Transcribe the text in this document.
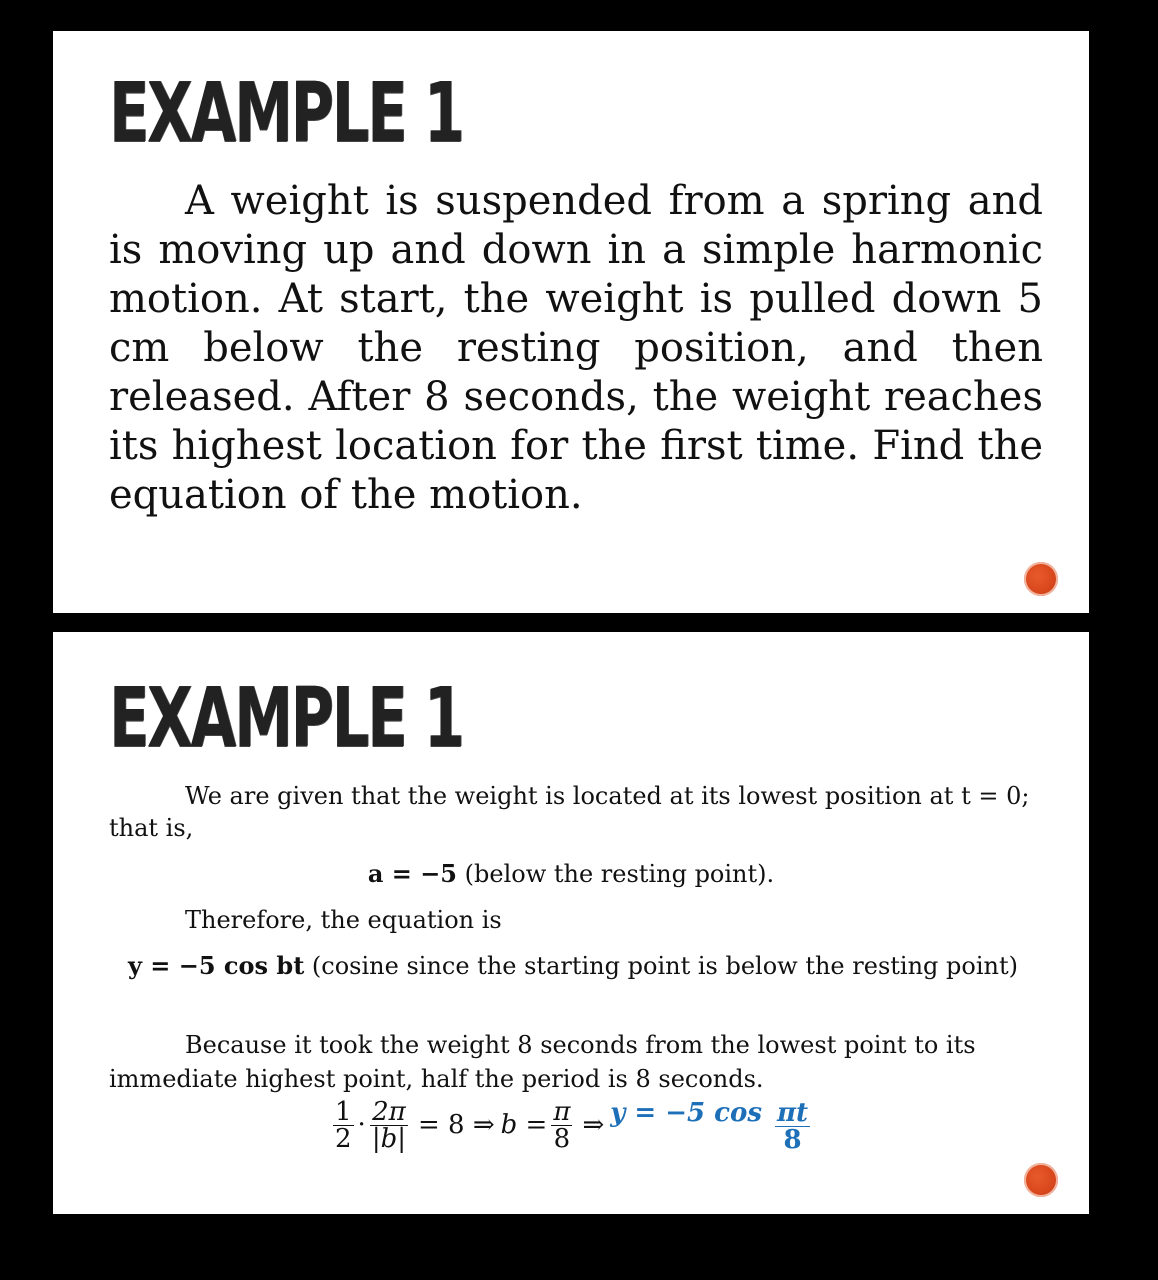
EXAMPLE 1

A weight is suspended from a spring and is moving up and down in a simple harmonic motion. At start, the weight is pulled down 5 cm below the resting position, and then released. After 8 seconds, the weight reaches its highest location for the first time. Find the equation of the motion.

EXAMPLE 1

We are given that the weight is located at its lowest position at t = 0; that is,

a = −5 (below the resting point).

Therefore, the equation is

y = −5 cos bt (cosine since the starting point is below the resting point)

Because it took the weight 8 seconds from the lowest point to its immediate highest point, half the period is 8 seconds.

$\frac{1}{2} \cdot \frac{2\pi}{|b|} = 8$ ⇒ $b = \frac{\pi}{8}$ ⇒ y = −5 $\cos \frac{\pi t}{8}$
